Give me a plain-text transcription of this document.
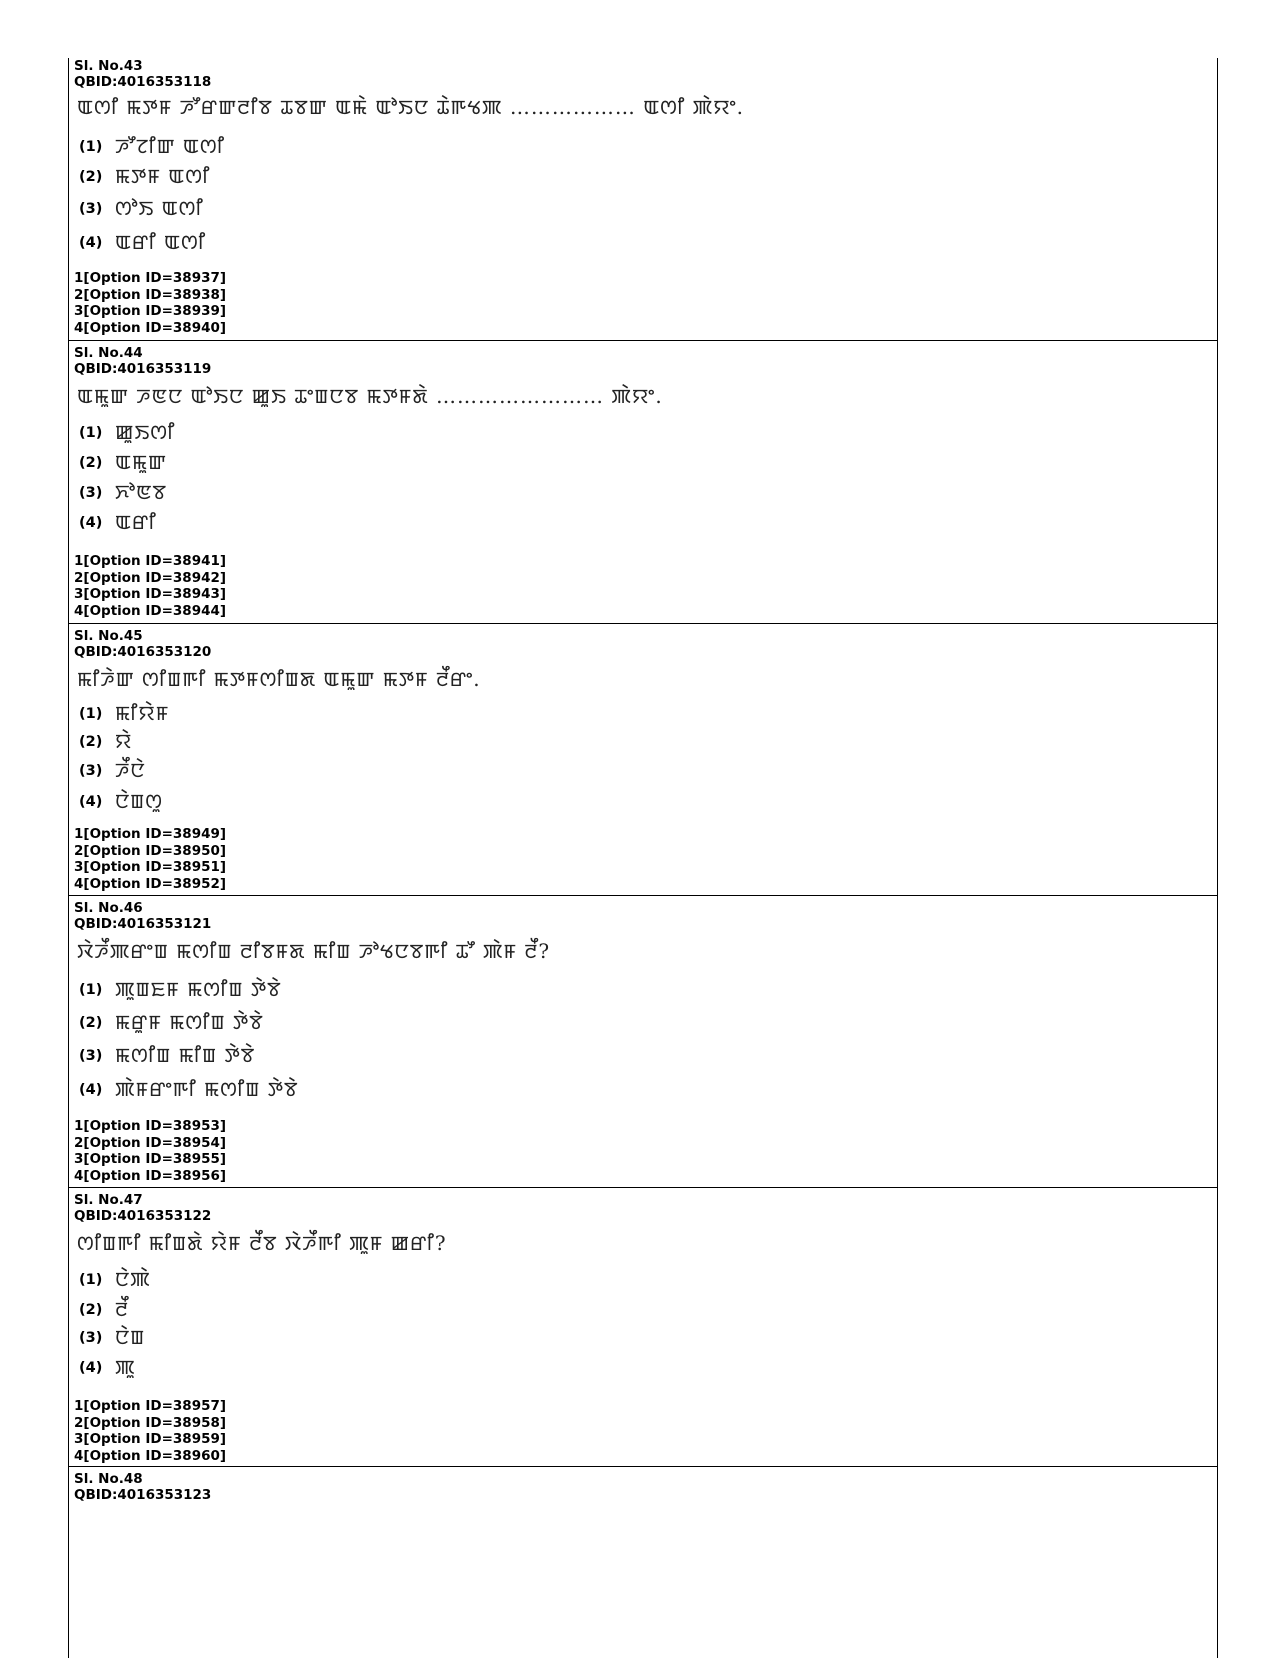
Sl. No.43
QBID:4016353118
ꯑꯁꯤ ꯃꯇꯝ ꯍꯧꯔꯛꯂꯤꯕ ꯊꯕꯛ ꯑꯃꯥ ꯑꯣꯏꯅ ꯊꯥꯒꯠꯄ ……………… ꯑꯁꯤ ꯄꯥꯌꯦ.
(1) ꯍꯧꯖꯤꯛ ꯑꯁꯤ
(2) ꯃꯇꯝ ꯑꯁꯤ
(3) ꯁꯣꯏ ꯑꯁꯤ
(4) ꯑꯔꯤ ꯑꯁꯤ
1[Option ID=38937]
2[Option ID=38938]
3[Option ID=38939]
4[Option ID=38940]
Sl. No.44
QBID:4016353119
ꯑꯃꯨꯛ ꯍꯟꯅ ꯑꯣꯏꯅ ꯀꯨꯏ ꯊꯦꯡꯅꯕ ꯃꯇꯝꯗꯥ …………………… ꯄꯥꯌꯦ.
(1) ꯀꯨꯏꯁꯤ
(2) ꯑꯃꯨꯛ
(3) ꯈꯣꯟꯕ
(4) ꯑꯔꯤ
1[Option ID=38941]
2[Option ID=38942]
3[Option ID=38943]
4[Option ID=38944]
Sl. No.45
QBID:4016353120
ꯃꯤꯍꯥꯛ ꯁꯤꯡꯒꯤ ꯃꯇꯝꯁꯤꯡꯗ ꯑꯃꯨꯛ ꯃꯇꯝ ꯂꯩꯔꯦ.
(1) ꯃꯤꯌꯥꯝ
(2) ꯌꯥ
(3) ꯍꯩꯅꯥ
(4) ꯅꯥꯡꯁꯨ
1[Option ID=38949]
2[Option ID=38950]
3[Option ID=38951]
4[Option ID=38952]
Sl. No.46
QBID:4016353121
ꯋꯥꯍꯩꯄꯔꯦꯡ ꯃꯁꯤꯡ ꯂꯤꯕꯝꯗ ꯃꯤꯡ ꯍꯣꯠꯅꯕꯒꯤ ꯊꯧ ꯄꯥꯝ ꯂꯩ?
(1) ꯄꯨꯡꯐꯝ ꯃꯁꯤꯡ ꯇꯥꯕꯥ
(2) ꯃꯔꯨꯝ ꯃꯁꯤꯡ ꯇꯥꯕꯥ
(3) ꯃꯁꯤꯡ ꯃꯤꯡ ꯇꯥꯕꯥ
(4) ꯄꯥꯝꯔꯦꯒꯤ ꯃꯁꯤꯡ ꯇꯥꯕꯥ
1[Option ID=38953]
2[Option ID=38954]
3[Option ID=38955]
4[Option ID=38956]
Sl. No.47
QBID:4016353122
ꯁꯤꯡꯒꯤ ꯃꯤꯡꯗꯥ ꯌꯥꯝ ꯂꯩꯕ ꯋꯥꯍꯩꯒꯤ ꯄꯨꯝ ꯀꯔꯤ?
(1) ꯅꯥꯄꯥ
(2) ꯂꯩ
(3) ꯅꯥꯡ
(4) ꯄꯨ
1[Option ID=38957]
2[Option ID=38958]
3[Option ID=38959]
4[Option ID=38960]
Sl. No.48
QBID:4016353123
